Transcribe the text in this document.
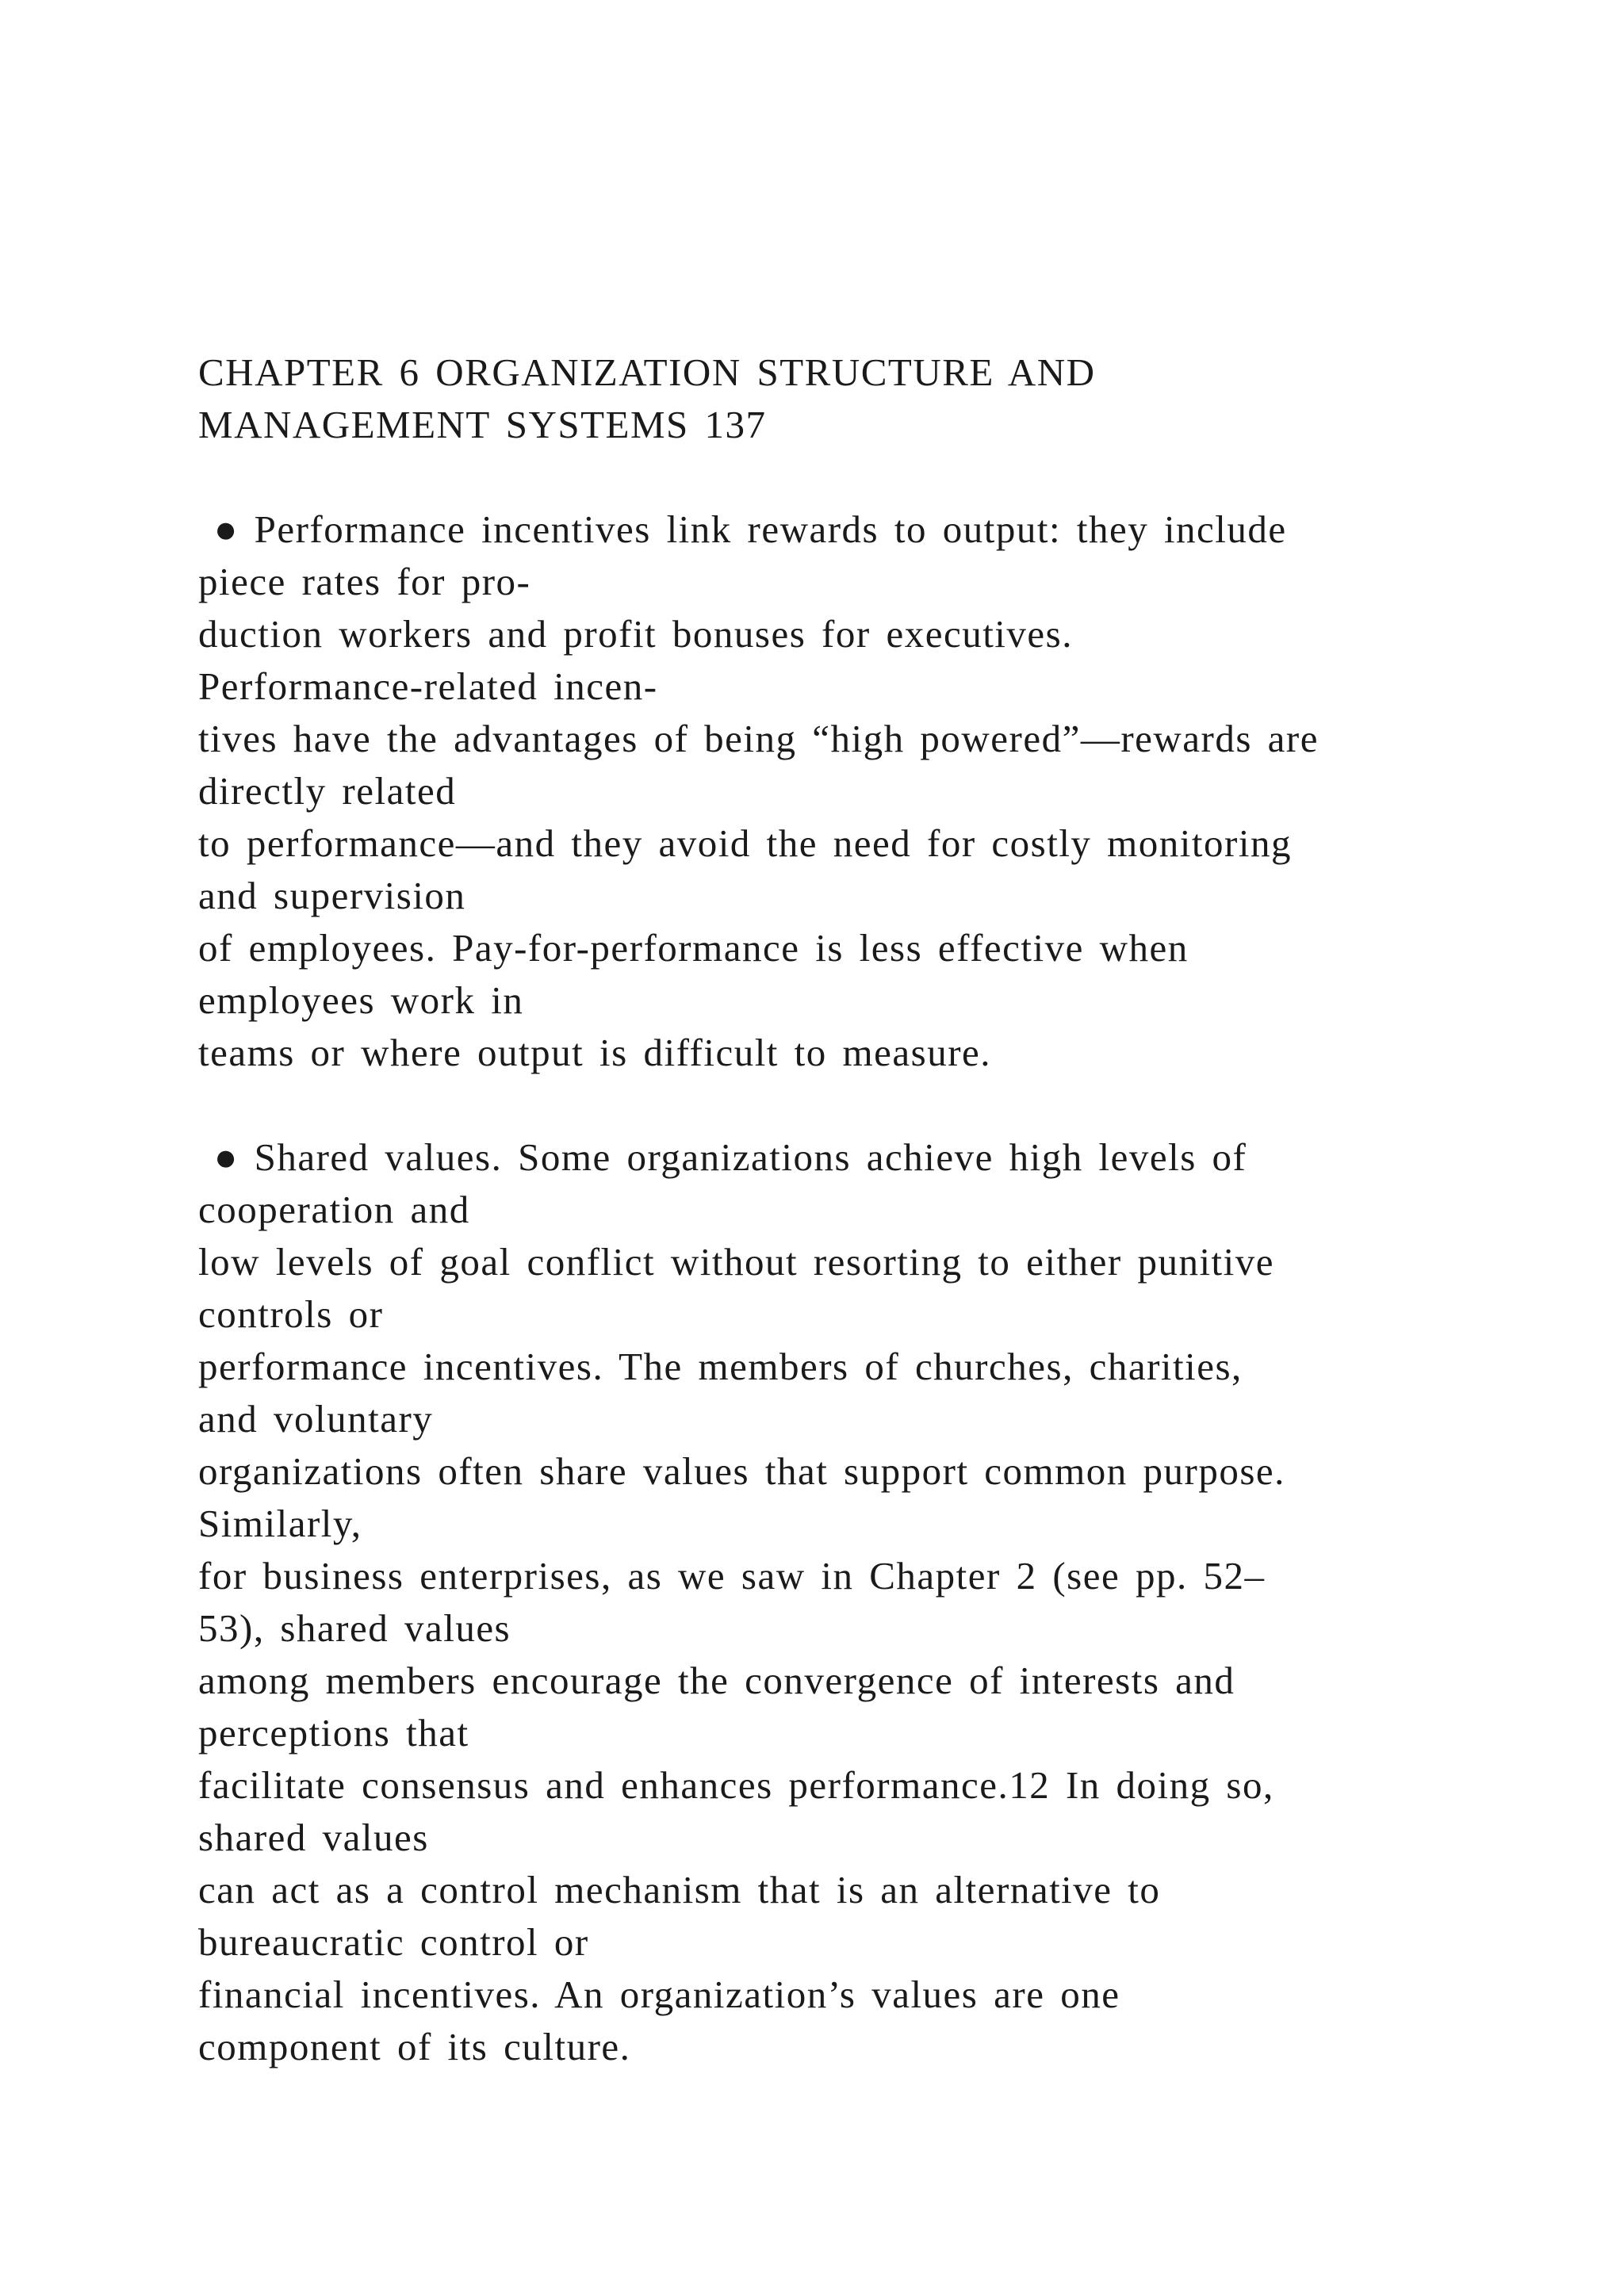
CHAPTER 6 ORGANIZATION STRUCTURE AND
MANAGEMENT SYSTEMS 137
● Performance incentives link rewards to output: they include
piece rates for pro-
duction workers and profit bonuses for executives.
Performance-related incen-
tives have the advantages of being “high powered”—rewards are
directly related
to performance—and they avoid the need for costly monitoring
and supervision
of employees. Pay-for-performance is less effective when
employees work in
teams or where output is difficult to measure.
● Shared values. Some organizations achieve high levels of
cooperation and
low levels of goal conflict without resorting to either punitive
controls or
performance incentives. The members of churches, charities,
and voluntary
organizations often share values that support common purpose.
Similarly,
for business enterprises, as we saw in Chapter 2 (see pp. 52–
53), shared values
among members encourage the convergence of interests and
perceptions that
facilitate consensus and enhances performance.12 In doing so,
shared values
can act as a control mechanism that is an alternative to
bureaucratic control or
financial incentives. An organization’s values are one
component of its culture.
